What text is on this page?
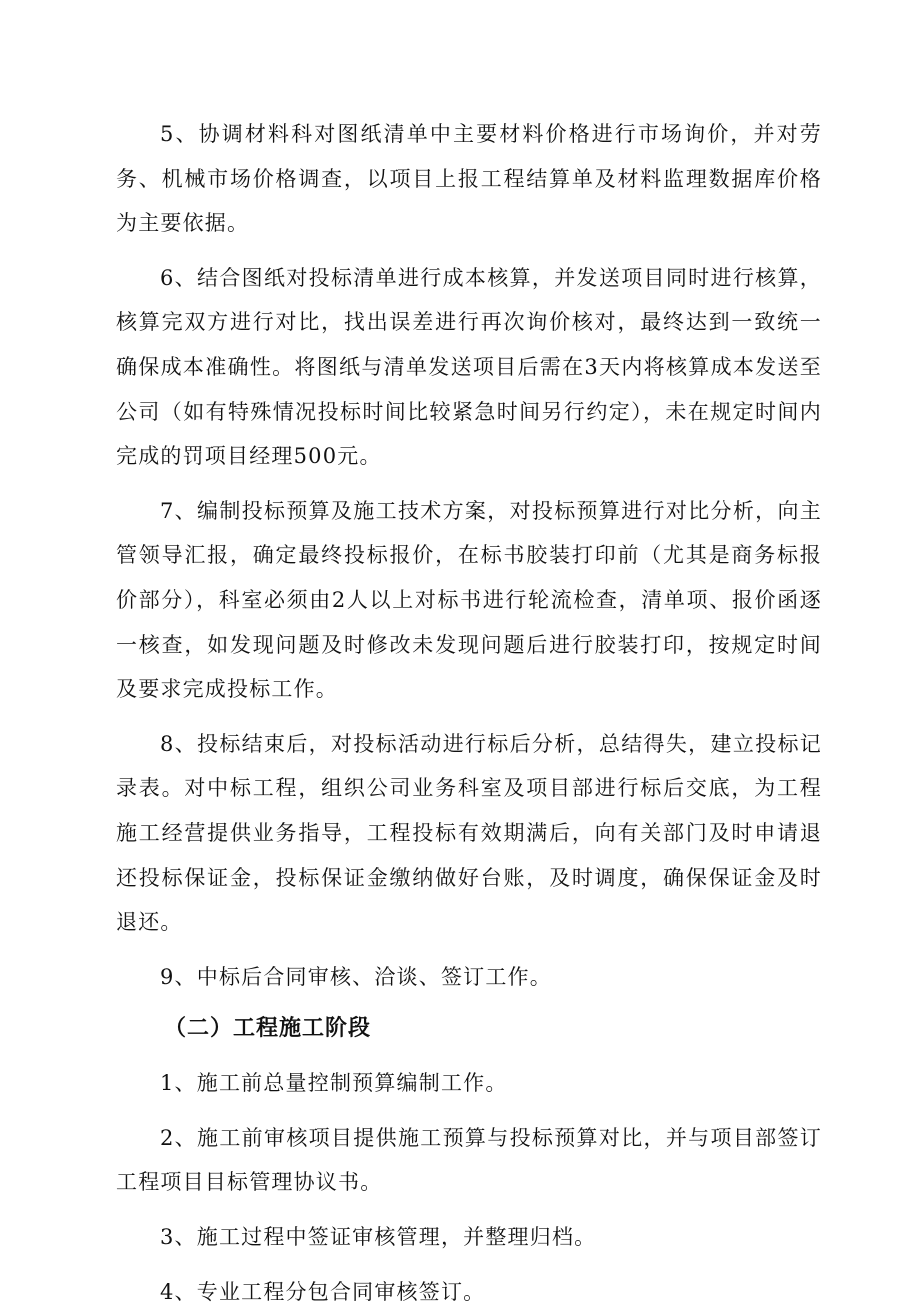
5、协调材料科对图纸清单中主要材料价格进行市场询价，并对劳务、机械市场价格调查，以项目上报工程结算单及材料监理数据库价格为主要依据。

6、结合图纸对投标清单进行成本核算，并发送项目同时进行核算，核算完双方进行对比，找出误差进行再次询价核对，最终达到一致统一确保成本准确性。将图纸与清单发送项目后需在3天内将核算成本发送至公司（如有特殊情况投标时间比较紧急时间另行约定），未在规定时间内完成的罚项目经理500元。

7、编制投标预算及施工技术方案，对投标预算进行对比分析，向主管领导汇报，确定最终投标报价，在标书胶装打印前（尤其是商务标报价部分），科室必须由2人以上对标书进行轮流检查，清单项、报价函逐一核查，如发现问题及时修改未发现问题后进行胶装打印，按规定时间及要求完成投标工作。

8、投标结束后，对投标活动进行标后分析，总结得失，建立投标记录表。对中标工程，组织公司业务科室及项目部进行标后交底，为工程施工经营提供业务指导，工程投标有效期满后，向有关部门及时申请退还投标保证金，投标保证金缴纳做好台账，及时调度，确保保证金及时退还。

9、中标后合同审核、洽谈、签订工作。

（二）工程施工阶段

1、施工前总量控制预算编制工作。

2、施工前审核项目提供施工预算与投标预算对比，并与项目部签订工程项目目标管理协议书。

3、施工过程中签证审核管理，并整理归档。

4、专业工程分包合同审核签订。
